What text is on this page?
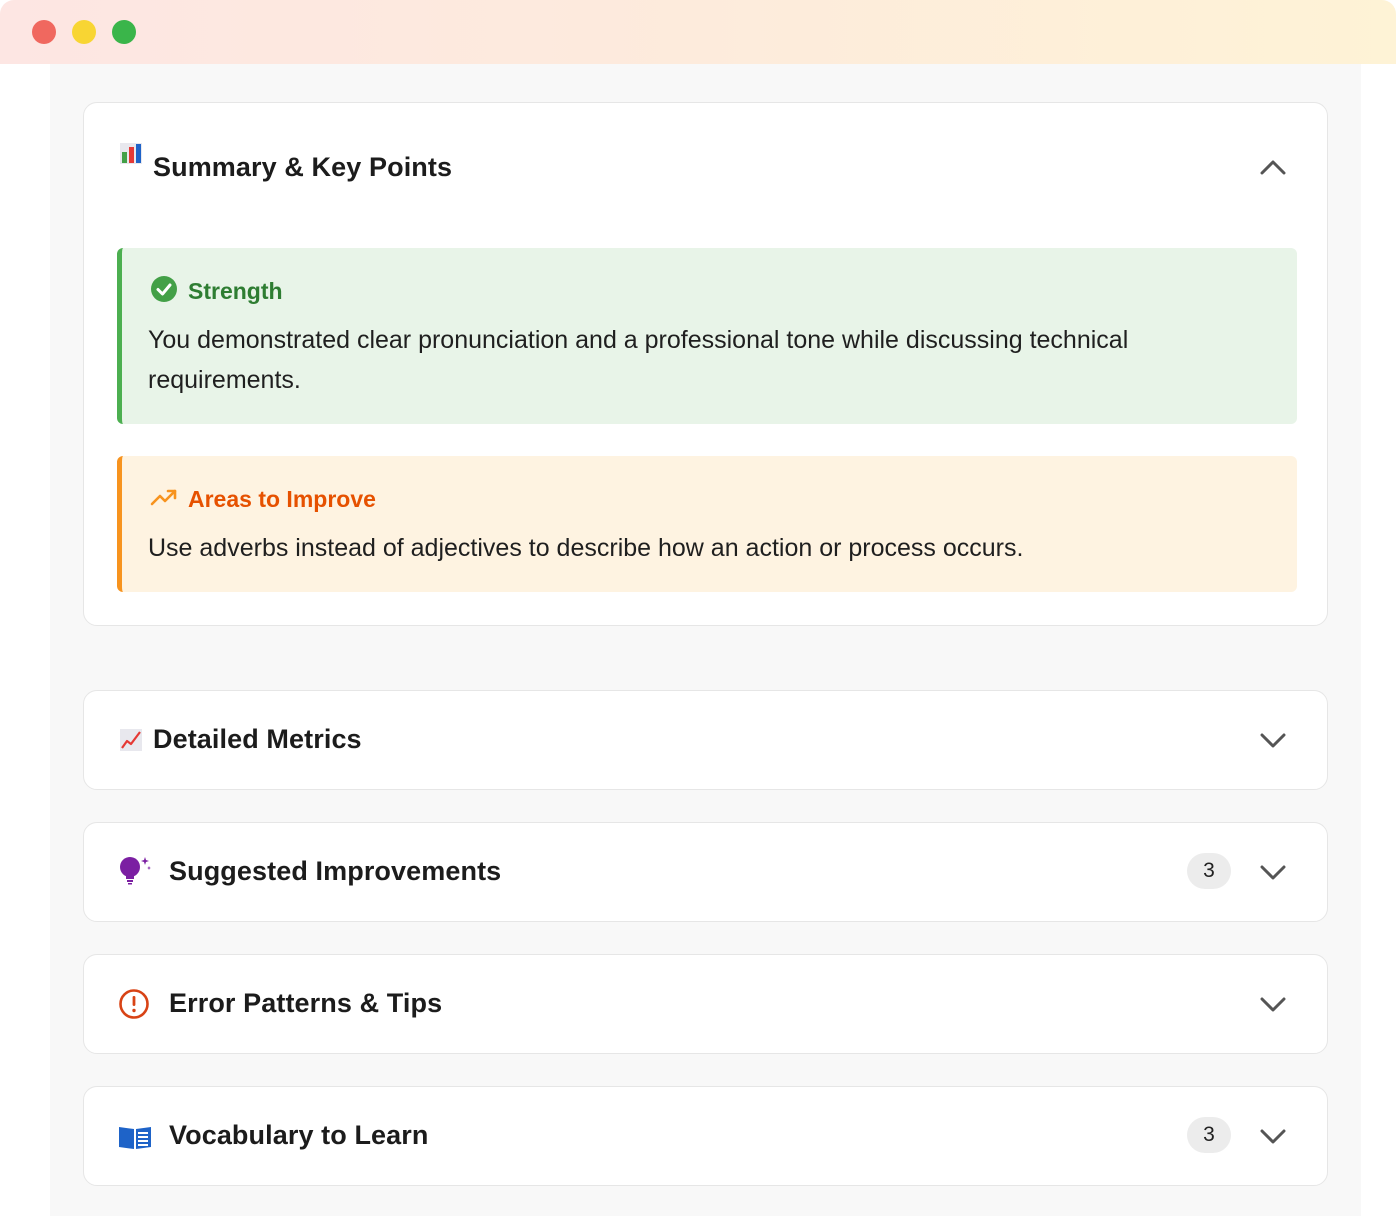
Summary & Key Points
Strength
You demonstrated clear pronunciation and a professional tone while discussing technical requirements.
Areas to Improve
Use adverbs instead of adjectives to describe how an action or process occurs.
Detailed Metrics
Suggested Improvements	3
Error Patterns & Tips
Vocabulary to Learn	3
